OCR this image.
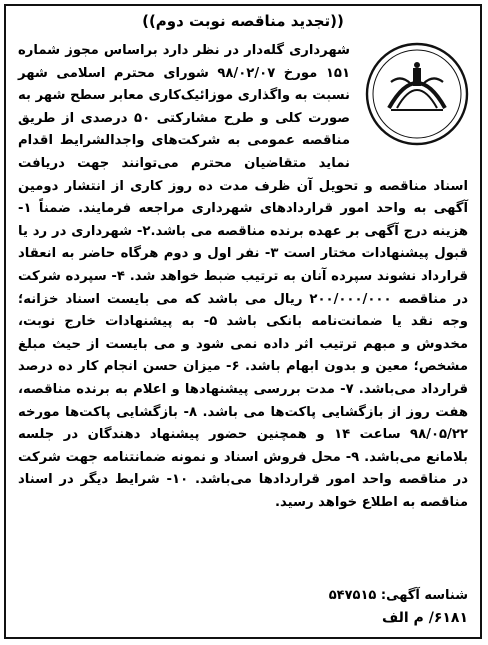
((تجدید مناقصه نوبت دوم))
شهرداری گله‌دار در نظر دارد براساس مجوز شماره ۱۵۱ مورخ ۹۸/۰۲/۰۷ شورای محترم اسلامی شهر نسبت به واگذاری موزائیک‌کاری معابر سطح شهر به صورت کلی و طرح مشارکتی ۵۰ درصدی از طریق مناقصه عمومی به شرکت‌های واجدالشرایط اقدام نماید متقاضیان محترم می‌توانند جهت دریافت اسناد مناقصه و تحویل آن ظرف مدت ده روز کاری از انتشار دومین آگهی به واحد امور قراردادهای شهرداری مراجعه فرمایند. ضمناً ۱- هزینه درج آگهی بر عهده برنده مناقصه می باشد.۲- شهرداری در رد یا قبول پیشنهادات مختار است ۳- نفر اول و دوم هرگاه حاضر به انعقاد قرارداد نشوند سپرده آنان به ترتیب ضبط خواهد شد. ۴- سپرده شرکت در مناقصه ۲۰۰/۰۰۰/۰۰۰ ریال می باشد که می بایست اسناد خزانه؛ وجه نقد یا ضمانت‌نامه بانکی باشد ۵- به پیشنهادات خارج نوبت، مخدوش و مبهم ترتیب اثر داده نمی شود و می بایست از حیث مبلغ مشخص؛ معین و بدون ابهام باشد. ۶- میزان حسن انجام کار ده درصد قرارداد می‌باشد. ۷- مدت بررسی پیشنهادها و اعلام به برنده مناقصه، هفت روز از بازگشایی پاکت‌ها می باشد. ۸- بازگشایی پاکت‌ها مورخه ۹۸/۰۵/۲۲ ساعت ۱۴ و همچنین حضور پیشنهاد دهندگان در جلسه بلامانع می‌باشد. ۹- محل فروش اسناد و نمونه ضمانتنامه جهت شرکت در مناقصه واحد امور قراردادها می‌باشد. ۱۰- شرایط دیگر در اسناد مناقصه به اطلاع خواهد رسید.
شناسه آگهی: ۵۴۷۵۱۵
۶۱۸۱/ م الف
